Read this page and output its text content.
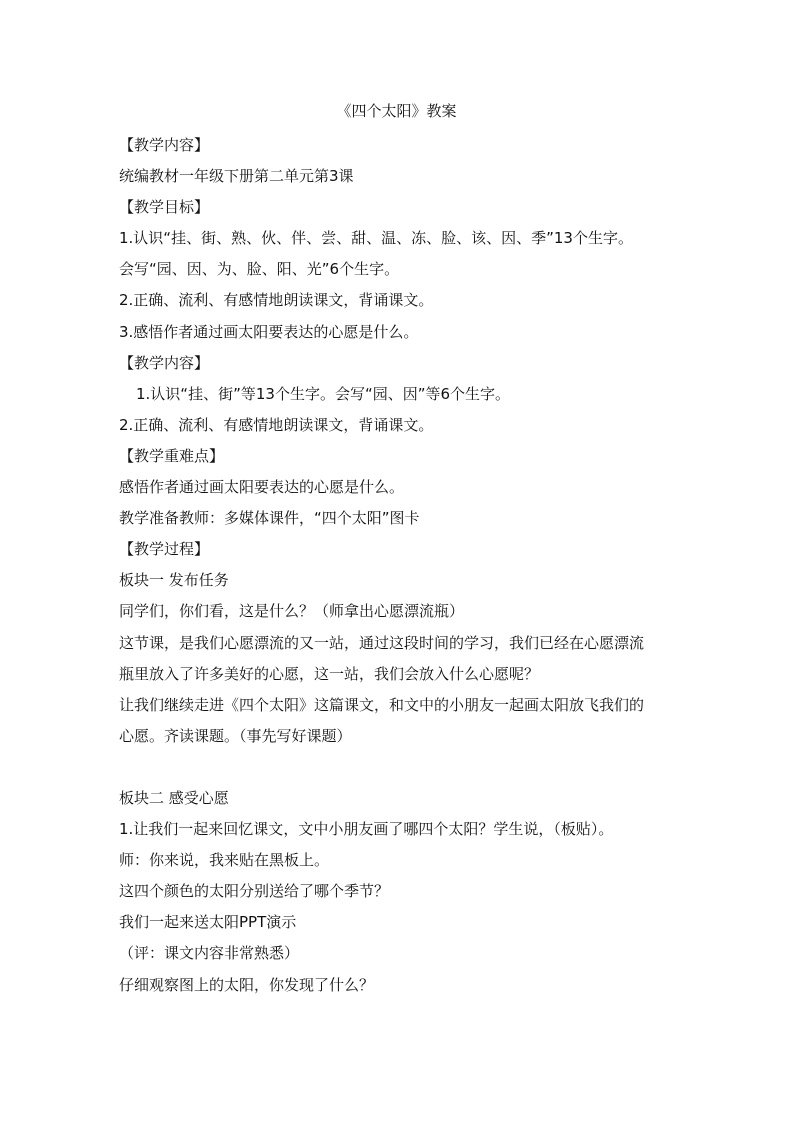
《四个太阳》教案
【教学内容】
统编教材一年级下册第二单元第3课
【教学目标】
1.认识“挂、街、熟、伙、伴、尝、甜、温、冻、脸、该、因、季”13个生字。
会写“园、因、为、脸、阳、光”6个生字。
2.正确、流利、有感情地朗读课文，背诵课文。
3.感悟作者通过画太阳要表达的心愿是什么。
【教学内容】
1.认识“挂、街”等13个生字。会写“园、因”等6个生字。
2.正确、流利、有感情地朗读课文，背诵课文。
【教学重难点】
感悟作者通过画太阳要表达的心愿是什么。
教学准备教师：多媒体课件，“四个太阳”图卡
【教学过程】
板块一 发布任务
同学们，你们看，这是什么？（师拿出心愿漂流瓶）
这节课，是我们心愿漂流的又一站，通过这段时间的学习，我们已经在心愿漂流
瓶里放入了许多美好的心愿，这一站，我们会放入什么心愿呢？
让我们继续走进《四个太阳》这篇课文，和文中的小朋友一起画太阳放飞我们的
心愿。齐读课题。（事先写好课题）
板块二 感受心愿
1.让我们一起来回忆课文，文中小朋友画了哪四个太阳？学生说，（板贴）。
师：你来说，我来贴在黑板上。
这四个颜色的太阳分别送给了哪个季节？
我们一起来送太阳PPT演示
（评：课文内容非常熟悉）
仔细观察图上的太阳，你发现了什么？
